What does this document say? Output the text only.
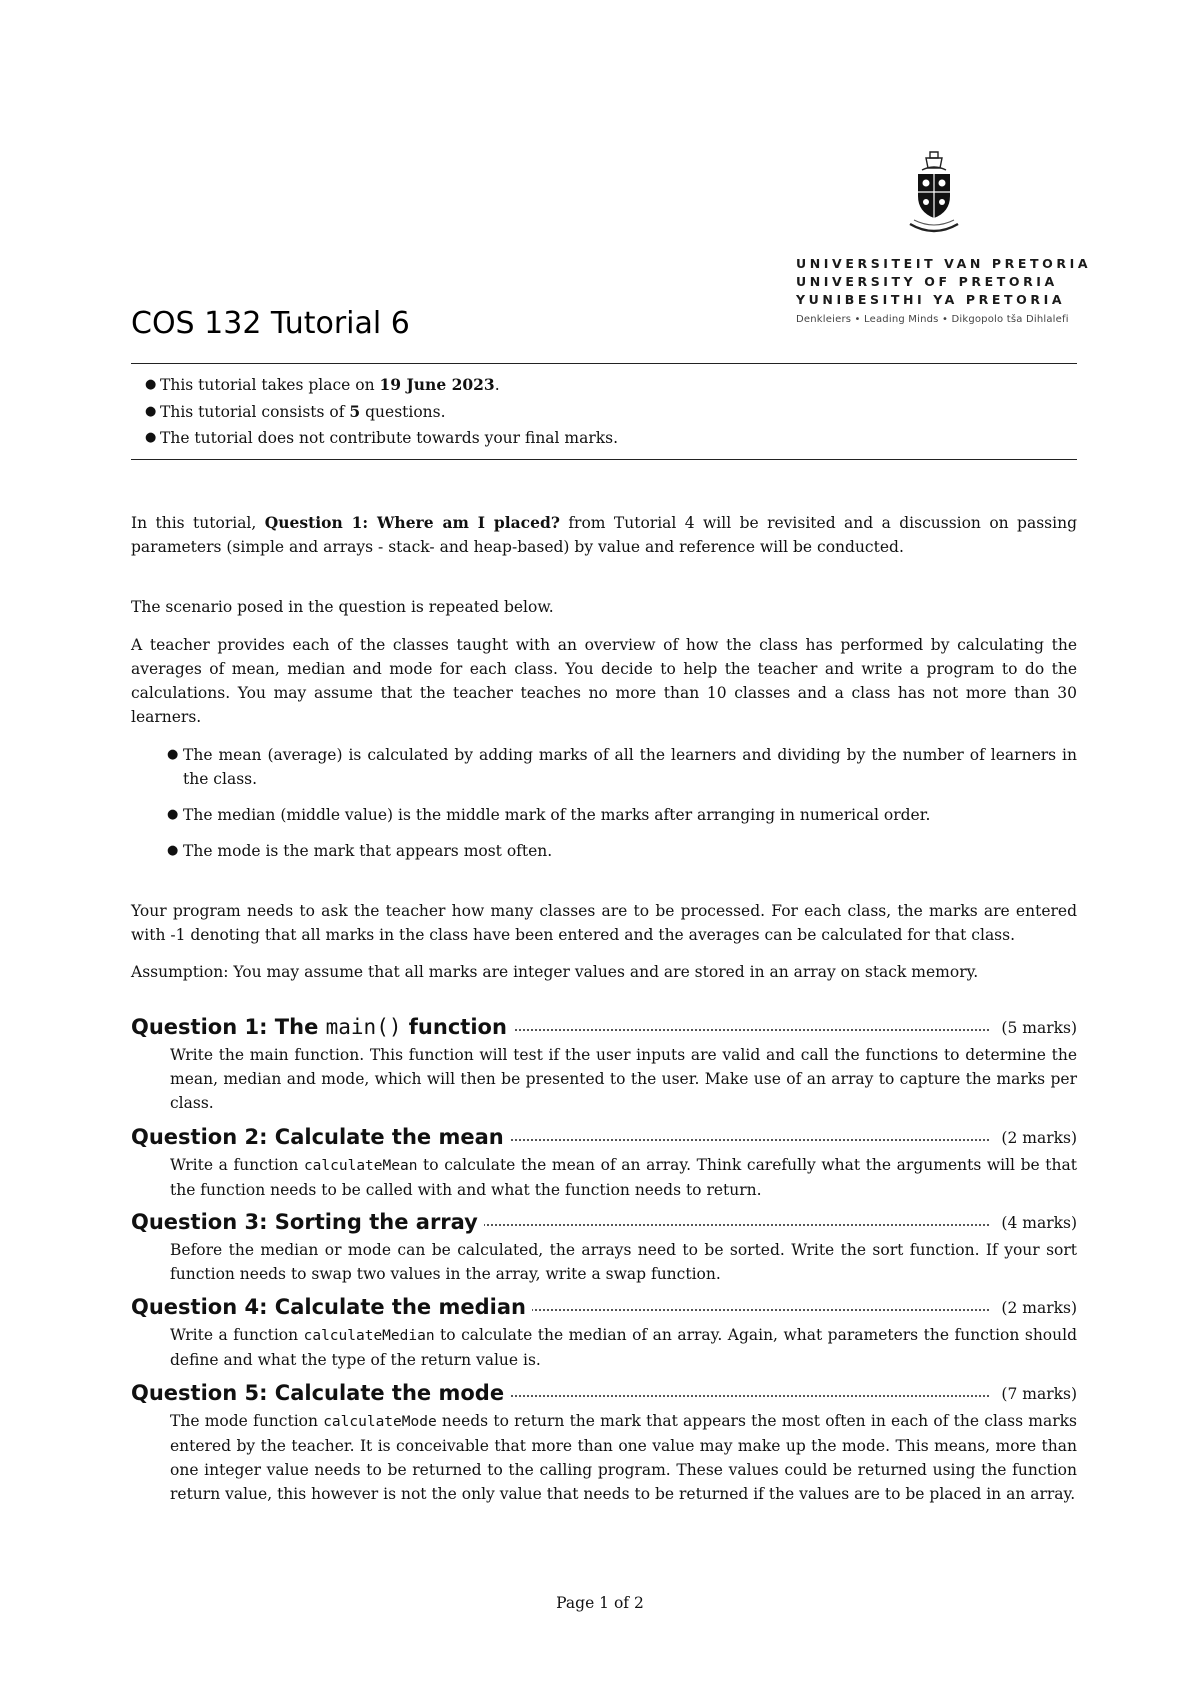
UNIVERSITEIT VAN PRETORIA
UNIVERSITY OF PRETORIA
YUNIBESITHI YA PRETORIA
Denkleiers • Leading Minds • Dikgopolo tša Dihlalefi
COS 132 Tutorial 6
● This tutorial takes place on 19 June 2023.
● This tutorial consists of 5 questions.
● The tutorial does not contribute towards your final marks.

In this tutorial, Question 1: Where am I placed? from Tutorial 4 will be revisited and a discussion on passing parameters (simple and arrays - stack- and heap-based) by value and reference will be conducted.

The scenario posed in the question is repeated below.

A teacher provides each of the classes taught with an overview of how the class has performed by calculating the averages of mean, median and mode for each class. You decide to help the teacher and write a program to do the calculations. You may assume that the teacher teaches no more than 10 classes and a class has not more than 30 learners.

● The mean (average) is calculated by adding marks of all the learners and dividing by the number of learners in the class.
● The median (middle value) is the middle mark of the marks after arranging in numerical order.
● The mode is the mark that appears most often.

Your program needs to ask the teacher how many classes are to be processed. For each class, the marks are entered with -1 denoting that all marks in the class have been entered and the averages can be calculated for that class.

Assumption: You may assume that all marks are integer values and are stored in an array on stack memory.

Question 1: The main() function	(5 marks)

Write the main function. This function will test if the user inputs are valid and call the functions to determine the mean, median and mode, which will then be presented to the user. Make use of an array to capture the marks per class.

Question 2: Calculate the mean	(2 marks)

Write a function calculateMean to calculate the mean of an array. Think carefully what the arguments will be that the function needs to be called with and what the function needs to return.

Question 3: Sorting the array	(4 marks)

Before the median or mode can be calculated, the arrays need to be sorted. Write the sort function. If your sort function needs to swap two values in the array, write a swap function.

Question 4: Calculate the median	(2 marks)

Write a function calculateMedian to calculate the median of an array. Again, what parameters the function should define and what the type of the return value is.

Question 5: Calculate the mode	(7 marks)

The mode function calculateMode needs to return the mark that appears the most often in each of the class marks entered by the teacher. It is conceivable that more than one value may make up the mode. This means, more than one integer value needs to be returned to the calling program. These values could be returned using the function return value, this however is not the only value that needs to be returned if the values are to be placed in an array.

Page 1 of 2
